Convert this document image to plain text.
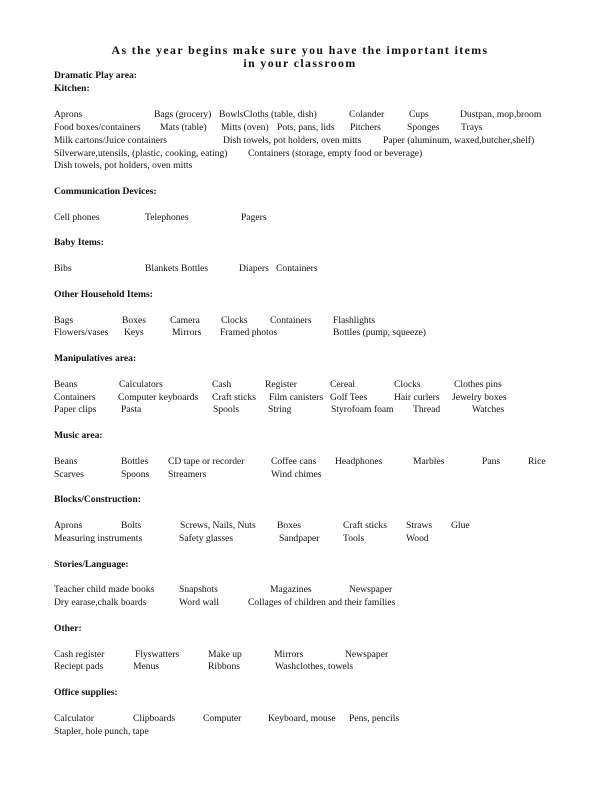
As the year begins make sure you have the important items
in your classroom
Dramatic Play area:
Kitchen:
Aprons	Bags (grocery) BowlsCloths (table, dish)	Colander	Cups	Dustpan, mop,broom
Food boxes/containers Mats (table) Mitts (oven) Pots, pans, lids Pitchers	Sponges Trays
Milk cartons/Juice containers	Dish towels, pot holders, oven mitts Paper (aluminum, waxed,butcher,shelf)
Silverware,utensils, (plastic, cooking, eating) Containers (storage, empty food or beverage)
Dish towels, pot holders, oven mitts
Communication Devices:
Cell phones	Telephones	Pagers
Baby Items:
Bibs	Blankets Bottles	Diapers Containers
Other Household Items:
Bags	Boxes	Camera Clocks Containers Flashlights
Flowers/vases Keys	Mirrors Framed photos	Bottles (pump, squeeze)
Manipulatives area:
Beans	Calculators	Cash	Register	Cereal	Clocks	Clothes pins
Containers Computer keyboards Craft sticks Film canisters Golf Tees	Hair curlers Jewelry boxes
Paper clips	Pasta	Spools	String	Styrofoam foam Thread	Watches
Music area:
Beans	Bottles CD tape or recorder	Coffee cans Headphones	Marbles	Pans	Rice
Scarves	Spoons Streamers	Wind chimes
Blocks/Construction:
Aprons	Bolts	Screws, Nails, Nuts Boxes	Craft sticks Straws Glue
Measuring instruments	Safety glasses	Sandpaper Tools	Wood
Stories/Language:
Teacher child made books	Snapshots	Magazines	Newspaper
Dry earase,chalk boards	Word wall	Collages of children and their families
Other:
Cash register	Flyswatters	Make up	Mirrors	Newspaper
Reciept pads	Menus	Ribbons	Washclothes, towels
Office supplies:
Calculator	Clipboards	Computer	Keyboard, mouse Pens, pencils
Stapler, hole punch, tape
